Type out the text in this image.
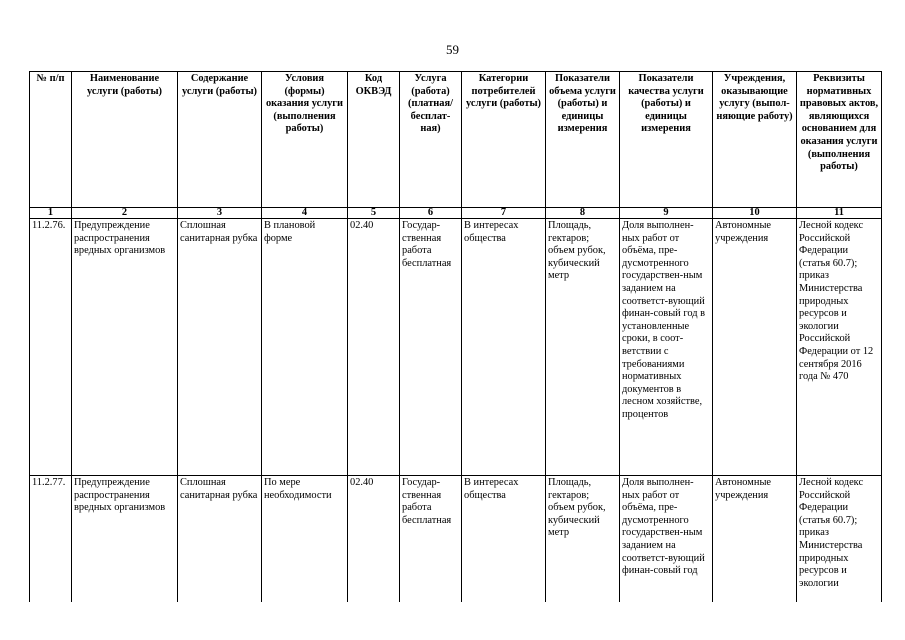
59
№ п/п	Наименование услуги (работы)	Содержание услуги (работы)	Условия (формы) оказания услуги (выполнения работы)	Код ОКВЭД	Услуга (работа) (платная/ бесплат-ная)	Категории потребителей услуги (работы)	Показатели объема услуги (работы) и единицы измерения	Показатели качества услуги (работы) и единицы измерения	Учреждения, оказывающие услугу (выпол-няющие работу)	Реквизиты нормативных правовых актов, являющихся основанием для оказания услуги (выполнения работы)
1	2	3	4	5	6	7	8	9	10	11
11.2.76.	Предупреждение распространения вредных организмов	Сплошная санитарная рубка	В плановой форме	02.40	Государ-ственная работа бесплатная	В интересах общества	Площадь, гектаров; объем рубок, кубический метр	Доля выполнен-ных работ от объёма, пре-дусмотренного государствен-ным заданием на соответст-вующий финан-совый год в установленные сроки, в соот-ветствии с требованиями нормативных документов в лесном хозяйстве, процентов	Автономные учреждения	Лесной кодекс Российской Федерации (статья 60.7); приказ Министерства природных ресурсов и экологии Российской Федерации от 12 сентября 2016 года № 470
11.2.77.	Предупреждение распространения вредных организмов	Сплошная санитарная рубка	По мере необходимости	02.40	Государ-ственная работа бесплатная	В интересах общества	Площадь, гектаров; объем рубок, кубический метр	Доля выполнен-ных работ от объёма, пре-дусмотренного государствен-ным заданием на соответст-вующий финан-совый год	Автономные учреждения	Лесной кодекс Российской Федерации (статья 60.7); приказ Министерства природных ресурсов и экологии
